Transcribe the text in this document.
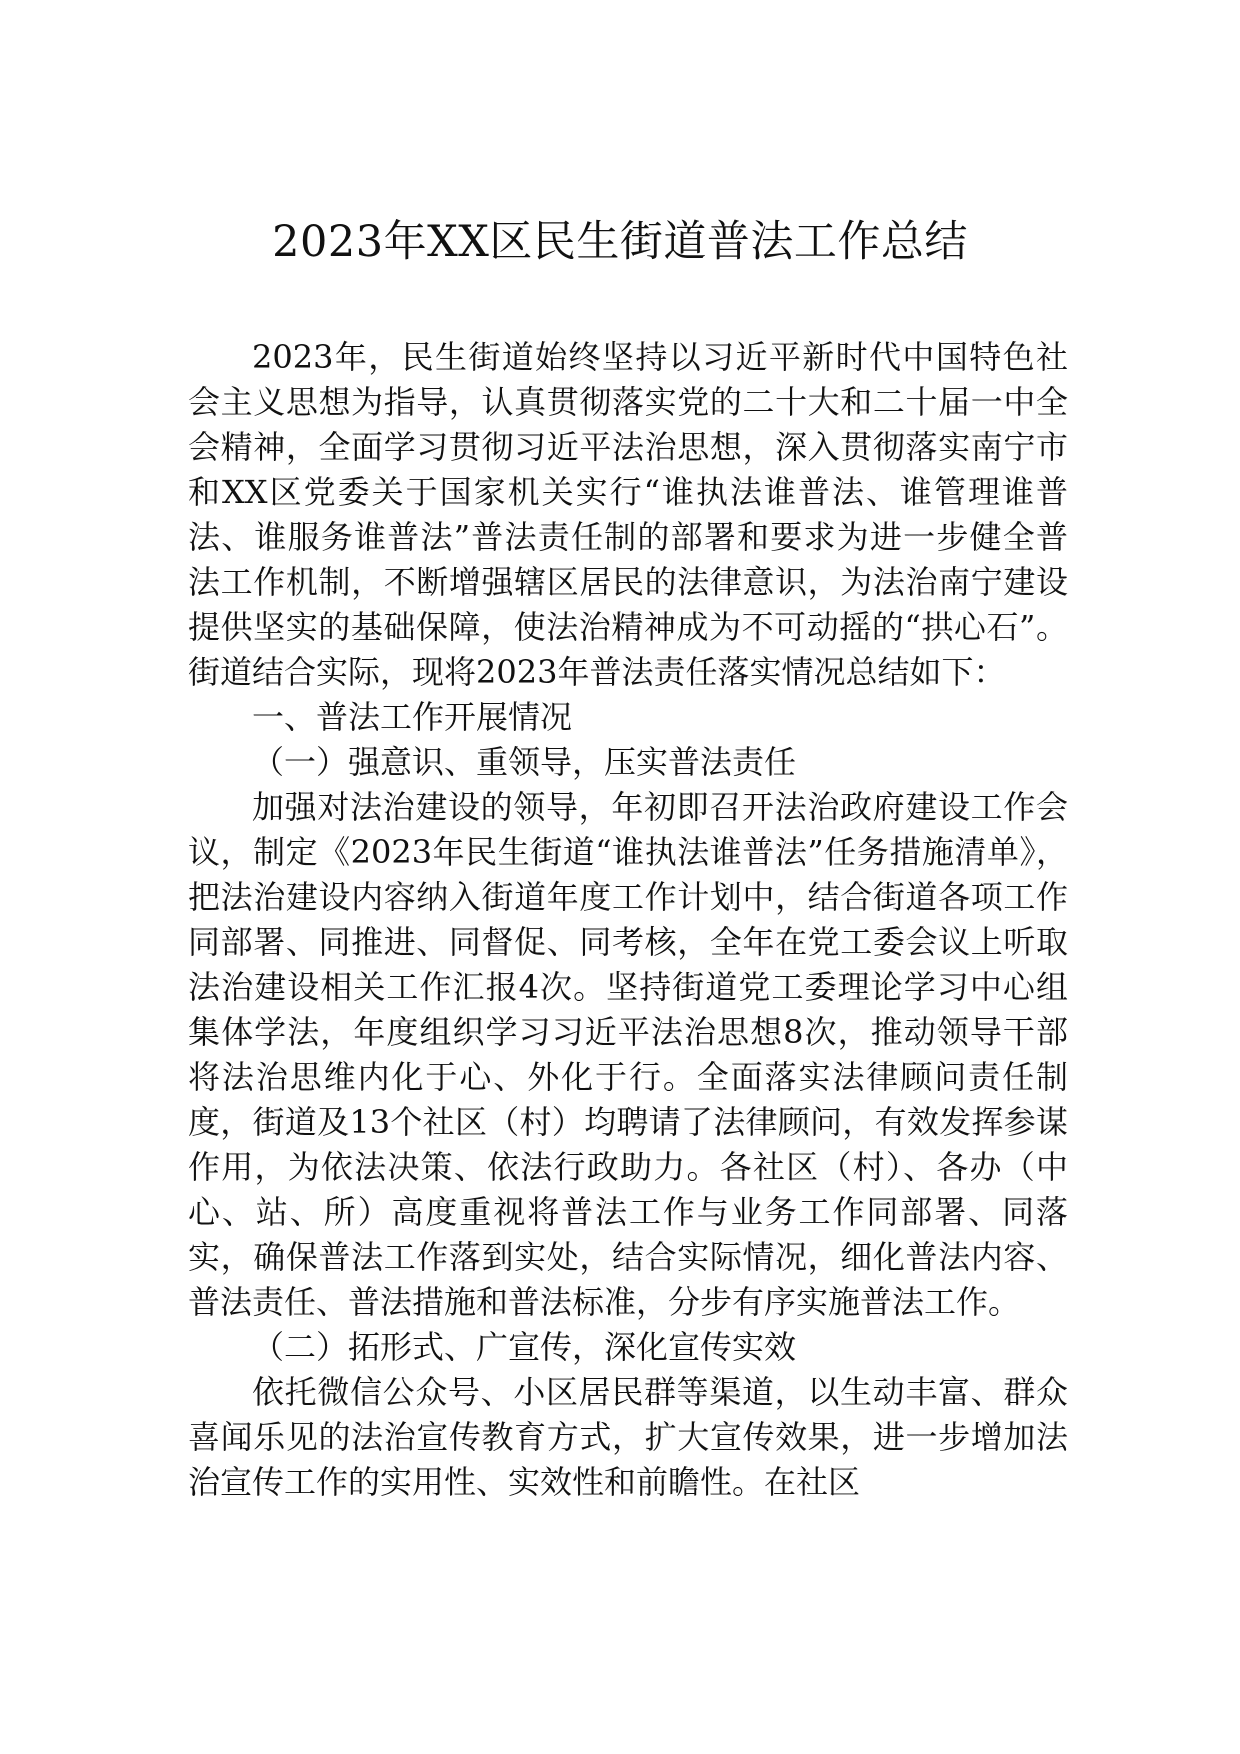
2023年XX区民生街道普法工作总结

2023年，民生街道始终坚持以习近平新时代中国特色社会主义思想为指导，认真贯彻落实党的二十大和二十届一中全会精神，全面学习贯彻习近平法治思想，深入贯彻落实南宁市和XX区党委关于国家机关实行“谁执法谁普法、谁管理谁普法、谁服务谁普法”普法责任制的部署和要求为进一步健全普法工作机制，不断增强辖区居民的法律意识，为法治南宁建设提供坚实的基础保障，使法治精神成为不可动摇的“拱心石”。街道结合实际，现将2023年普法责任落实情况总结如下：

一、普法工作开展情况

（一）强意识、重领导，压实普法责任

加强对法治建设的领导，年初即召开法治政府建设工作会议，制定《2023年民生街道“谁执法谁普法”任务措施清单》，把法治建设内容纳入街道年度工作计划中，结合街道各项工作同部署、同推进、同督促、同考核，全年在党工委会议上听取法治建设相关工作汇报4次。坚持街道党工委理论学习中心组集体学法，年度组织学习习近平法治思想8次，推动领导干部将法治思维内化于心、外化于行。全面落实法律顾问责任制度，街道及13个社区（村）均聘请了法律顾问，有效发挥参谋作用，为依法决策、依法行政助力。各社区（村）、各办（中心、站、所）高度重视将普法工作与业务工作同部署、同落实，确保普法工作落到实处，结合实际情况，细化普法内容、普法责任、普法措施和普法标准，分步有序实施普法工作。

（二）拓形式、广宣传，深化宣传实效

依托微信公众号、小区居民群等渠道，以生动丰富、群众喜闻乐见的法治宣传教育方式，扩大宣传效果，进一步增加法治宣传工作的实用性、实效性和前瞻性。在社区
